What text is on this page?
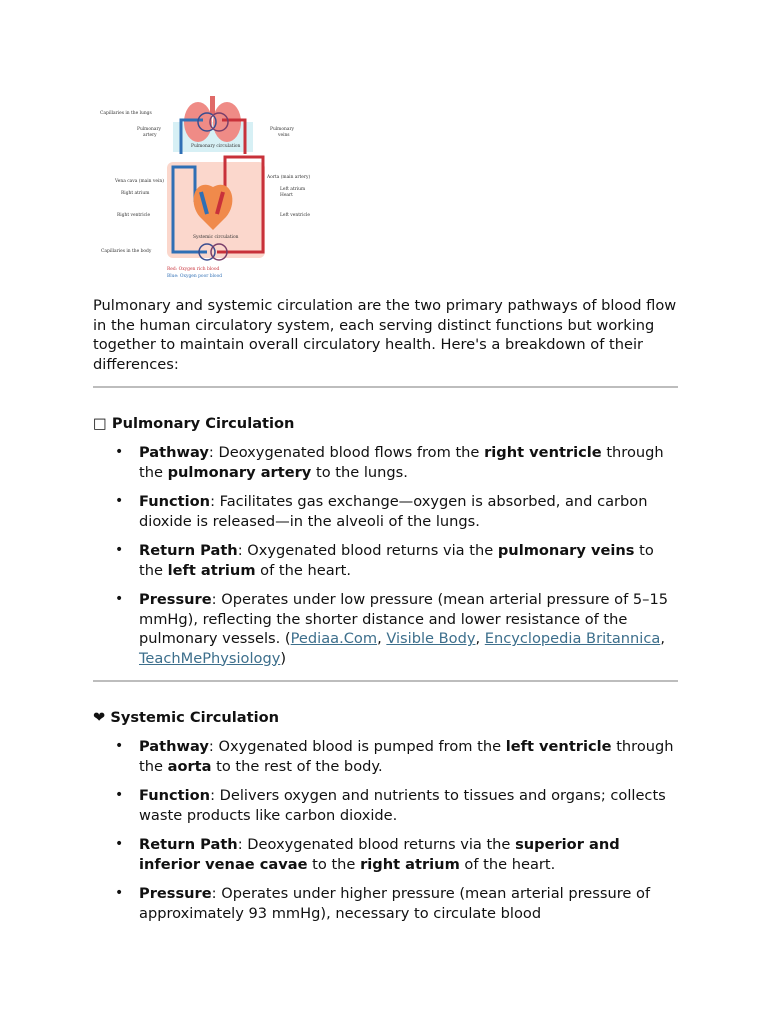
Capillaries in the lungs
Pulmonary
artery
Pulmonary
veins
Pulmonary circulation
Vena cava (main vein)
Aorta (main artery)
Right atrium
Left atrium
Heart
Right ventricle	Left ventricle
Systemic circulation
Capillaries in the body
Red: Oxygen rich blood
Blue: Oxygen poor blood

Pulmonary and systemic circulation are the two primary pathways of blood flow in the human circulatory system, each serving distinct functions but working together to maintain overall circulatory health. Here's a breakdown of their differences:

□ Pulmonary Circulation
• Pathway: Deoxygenated blood flows from the right ventricle through the pulmonary artery to the lungs.
• Function: Facilitates gas exchange—oxygen is absorbed, and carbon dioxide is released—in the alveoli of the lungs.
• Return Path: Oxygenated blood returns via the pulmonary veins to the left atrium of the heart.
• Pressure: Operates under low pressure (mean arterial pressure of 5–15 mmHg), reflecting the shorter distance and lower resistance of the pulmonary vessels. (Pediaa.Com, Visible Body, Encyclopedia Britannica, TeachMePhysiology)
❤ Systemic Circulation
• Pathway: Oxygenated blood is pumped from the left ventricle through the aorta to the rest of the body.
• Function: Delivers oxygen and nutrients to tissues and organs; collects waste products like carbon dioxide.
• Return Path: Deoxygenated blood returns via the superior and inferior venae cavae to the right atrium of the heart.
• Pressure: Operates under higher pressure (mean arterial pressure of approximately 93 mmHg), necessary to circulate blood
